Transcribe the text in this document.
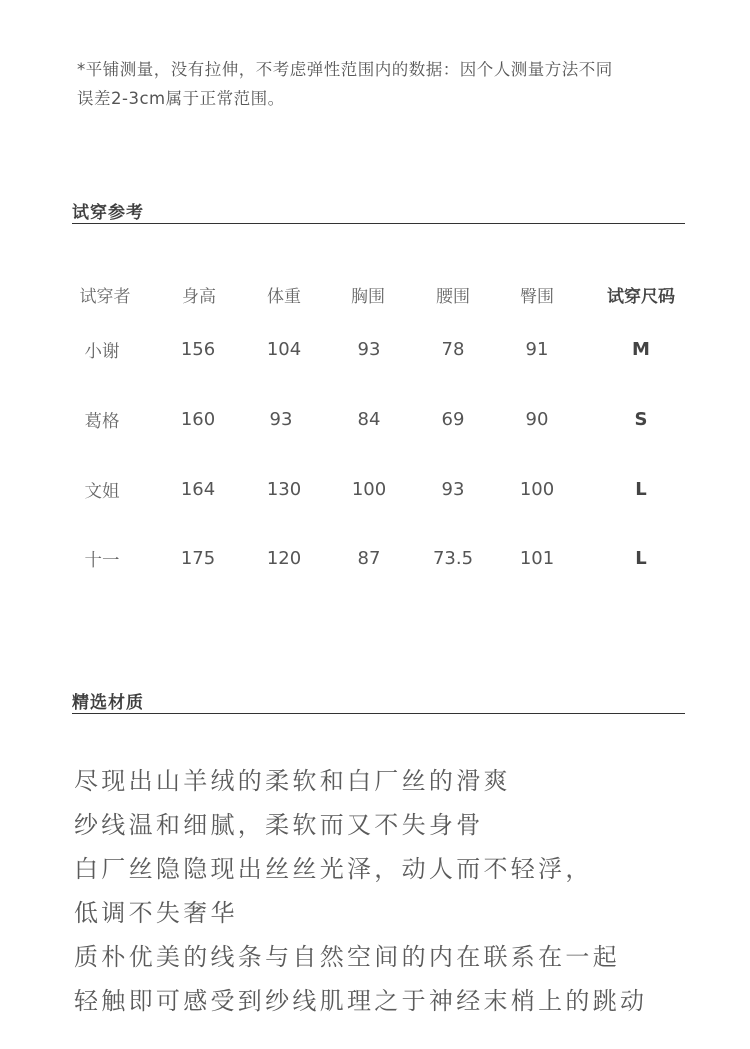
*平铺测量，没有拉伸，不考虑弹性范围内的数据：因个人测量方法不同
误差2-3cm属于正常范围。
试穿参考
试穿者	身高	体重	胸围	腰围	臀围	试穿尺码
小谢	156	104	93	78	91	M
葛格	160	93	84	69	90	S
文姐	164	130	100	93	100	L
十一	175	120	87	73.5	101	L
精选材质
尽现出山羊绒的柔软和白厂丝的滑爽
纱线温和细腻，柔软而又不失身骨
白厂丝隐隐现出丝丝光泽，动人而不轻浮，
低调不失奢华
质朴优美的线条与自然空间的内在联系在一起
轻触即可感受到纱线肌理之于神经末梢上的跳动
